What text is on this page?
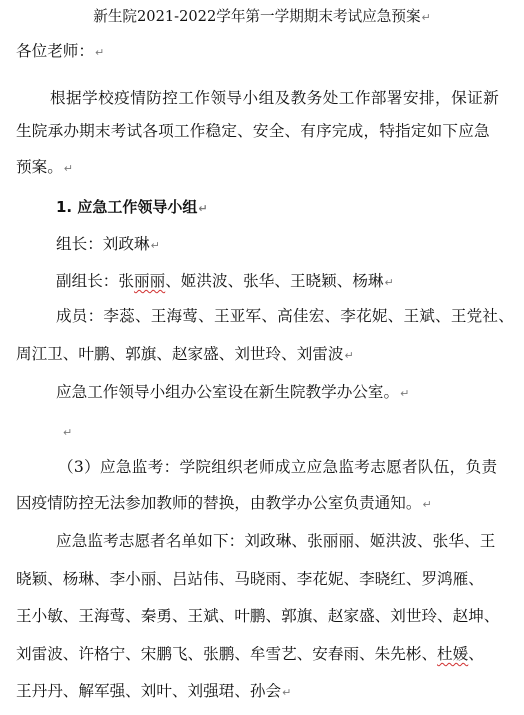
新生院2021-2022学年第一学期期末考试应急预案↵
各位老师：↵
根据学校疫情防控工作领导小组及教务处工作部署安排，保证新
生院承办期末考试各项工作稳定、安全、有序完成，特指定如下应急
预案。↵
1. 应急工作领导小组↵
组长：刘政琳↵
副组长：张丽丽、姬洪波、张华、王晓颖、杨琳↵
成员：李蕊、王海莺、王亚军、高佳宏、李花妮、王斌、王党社、
周江卫、叶鹏、郭旗、赵家盛、刘世玲、刘雷波↵
应急工作领导小组办公室设在新生院教学办公室。↵
↵
（3）应急监考：学院组织老师成立应急监考志愿者队伍，负责
因疫情防控无法参加教师的替换，由教学办公室负责通知。↵
应急监考志愿者名单如下：刘政琳、张丽丽、姬洪波、张华、王
晓颖、杨琳、李小丽、吕站伟、马晓雨、李花妮、李晓红、罗鸿雁、
王小敏、王海莺、秦勇、王斌、叶鹏、郭旗、赵家盛、刘世玲、赵坤、
刘雷波、许格宁、宋鹏飞、张鹏、牟雪艺、安春雨、朱先彬、杜媛、
王丹丹、解军强、刘叶、刘强珺、孙会↵
